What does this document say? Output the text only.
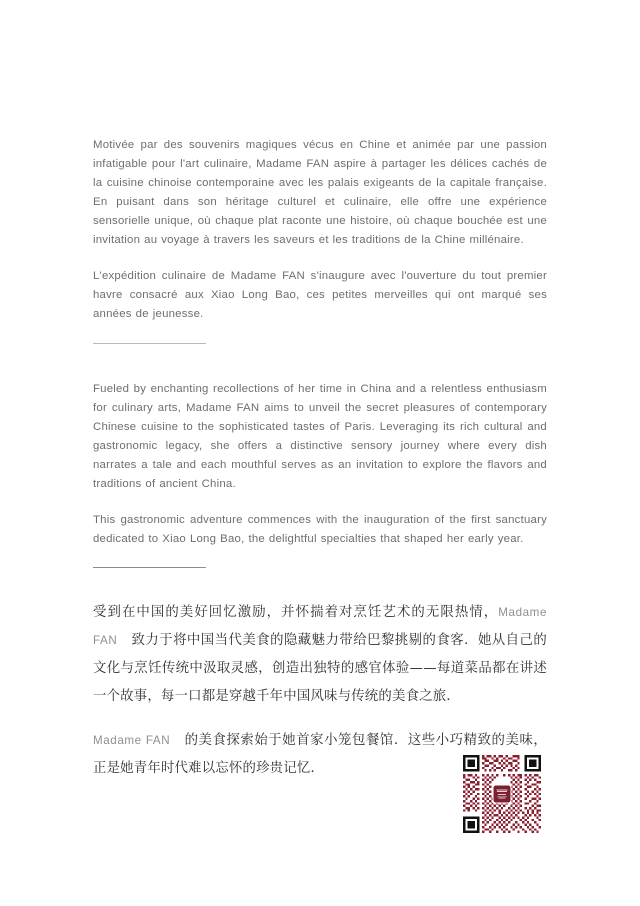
Motivée par des souvenirs magiques vécus en Chine et animée par une passion infatigable pour l'art culinaire, Madame FAN aspire à partager les délices cachés de la cuisine chinoise contemporaine avec les palais exigeants de la capitale française. En puisant dans son héritage culturel et culinaire, elle offre une expérience sensorielle unique, où chaque plat raconte une histoire, où chaque bouchée est une invitation au voyage à travers les saveurs et les traditions de la Chine millénaire.

L'expédition culinaire de Madame FAN s'inaugure avec l'ouverture du tout premier havre consacré aux Xiao Long Bao, ces petites merveilles qui ont marqué ses années de jeunesse.

Fueled by enchanting recollections of her time in China and a relentless enthusiasm for culinary arts, Madame FAN aims to unveil the secret pleasures of contemporary Chinese cuisine to the sophisticated tastes of Paris. Leveraging its rich cultural and gastronomic legacy, she offers a distinctive sensory journey where every dish narrates a tale and each mouthful serves as an invitation to explore the flavors and traditions of ancient China.

This gastronomic adventure commences with the inauguration of the first sanctuary dedicated to Xiao Long Bao, the delightful specialties that shaped her early year.

受到在中国的美好回忆激励，并怀揣着对烹饪艺术的无限热情，Madame FAN　致力于将中国当代美食的隐藏魅力带给巴黎挑剔的食客．她从自己的文化与烹饪传统中汲取灵感，创造出独特的感官体验——每道菜品都在讲述一个故事，每一口都是穿越千年中国风味与传统的美食之旅．

Madame FAN　的美食探索始于她首家小笼包餐馆．这些小巧精致的美味，正是她青年时代难以忘怀的珍贵记忆．
